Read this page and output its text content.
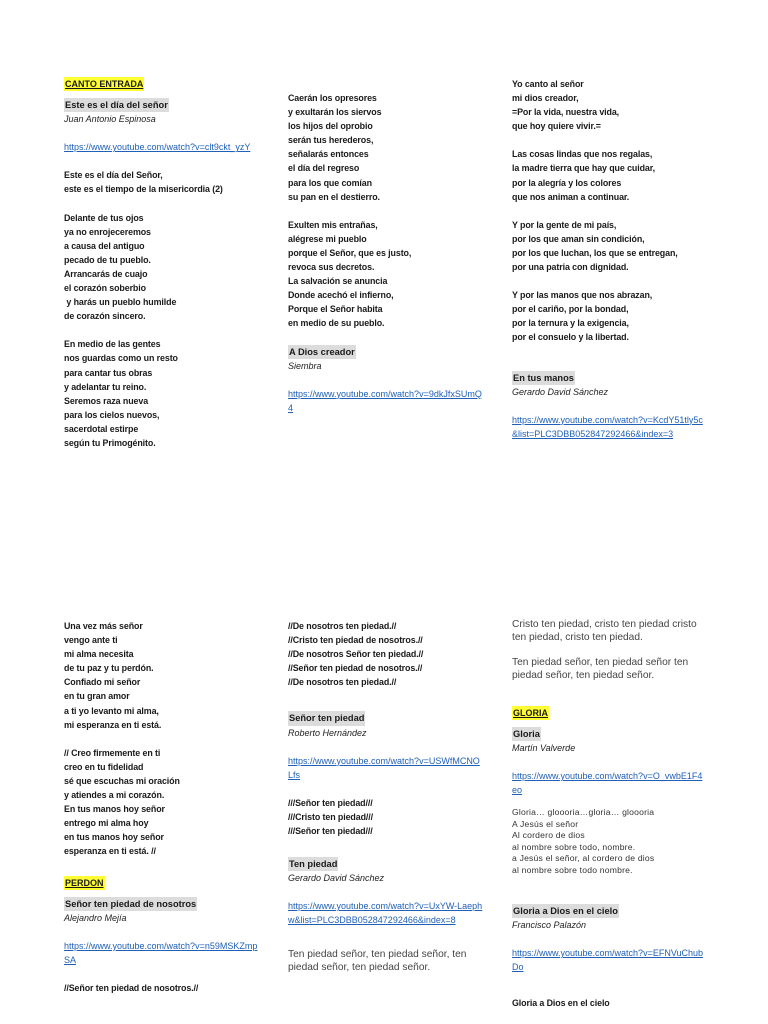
CANTO ENTRADA
Este es el día del señor
Juan Antonio Espinosa
https://www.youtube.com/watch?v=clt9ckt_yzY
Este es el día del Señor,
este es el tiempo de la misericordia (2)
Delante de tus ojos
ya no enrojeceremos
a causa del antiguo
pecado de tu pueblo.
Arrancarás de cuajo
el corazón soberbio
y harás un pueblo humilde
de corazón sincero.
En medio de las gentes
nos guardas como un resto
para cantar tus obras
y adelantar tu reino.
Seremos raza nueva
para los cielos nuevos,
sacerdotal estirpe
según tu Primogénito.
Caerán los opresores
y exultarán los siervos
los hijos del oprobio
serán tus herederos,
señalarás entonces
el día del regreso
para los que comían
su pan en el destierro.
Exulten mis entrañas,
alégrese mi pueblo
porque el Señor, que es justo,
revoca sus decretos.
La salvación se anuncia
Donde acechó el infierno,
Porque el Señor habita
en medio de su pueblo.
A Dios creador
Siembra
https://www.youtube.com/watch?v=9dkJfxSUmQ4
Yo canto al señor
mi dios creador,
=Por la vida, nuestra vida,
que hoy quiere vivir.=
Las cosas lindas que nos regalas,
la madre tierra que hay que cuidar,
por la alegría y los colores
que nos animan a continuar.
Y por la gente de mi país,
por los que aman sin condición,
por los que luchan, los que se entregan,
por una patria con dignidad.
Y por las manos que nos abrazan,
por el cariño, por la bondad,
por la ternura y la exigencia,
por el consuelo y la libertad.
En tus manos
Gerardo David Sánchez
https://www.youtube.com/watch?v=KcdY51tly5c&list=PLC3DBB052847292466&index=3
Una vez más señor
vengo ante ti
mi alma necesita
de tu paz y tu perdón.
Confiado mi señor
en tu gran amor
a ti yo levanto mi alma,
mi esperanza en ti está.
// Creo firmemente en ti
creo en tu fidelidad
sé que escuchas mi oración
y atiendes a mi corazón.
En tus manos hoy señor
entrego mi alma hoy
en tus manos hoy señor
esperanza en ti está. //
PERDON
Señor ten piedad de nosotros
Alejandro Mejía
https://www.youtube.com/watch?v=n59MSKZmpSA
//Señor ten piedad de nosotros.//
//De nosotros ten piedad.//
//Cristo ten piedad de nosotros.//
//De nosotros Señor ten piedad.//
//Señor ten piedad de nosotros.//
//De nosotros ten piedad.//
Señor ten piedad
Roberto Hernández
https://www.youtube.com/watch?v=USWfMCNOLfs
///Señor ten piedad///
///Cristo ten piedad///
///Señor ten piedad///
Ten piedad
Gerardo David Sánchez
https://www.youtube.com/watch?v=UxYW-Laephw&list=PLC3DBB052847292466&index=8
Ten piedad señor, ten piedad señor, ten piedad señor, ten piedad señor.
Cristo ten piedad, cristo ten piedad cristo ten piedad, cristo ten piedad.
Ten piedad señor, ten piedad señor ten piedad señor, ten piedad señor.
GLORIA
Gloria
Martín Valverde
https://www.youtube.com/watch?v=O_vwbE1F4eo
Gloria… gloooria…gloria… gloooria
A Jesús el señor
Al cordero de dios
al nombre sobre todo, nombre.
a Jesús el señor, al cordero de dios
al nombre sobre todo nombre.
Gloria a Dios en el cielo
Francisco Palazón
https://www.youtube.com/watch?v=EFNVuChubDo
Gloria a Dios en el cielo
